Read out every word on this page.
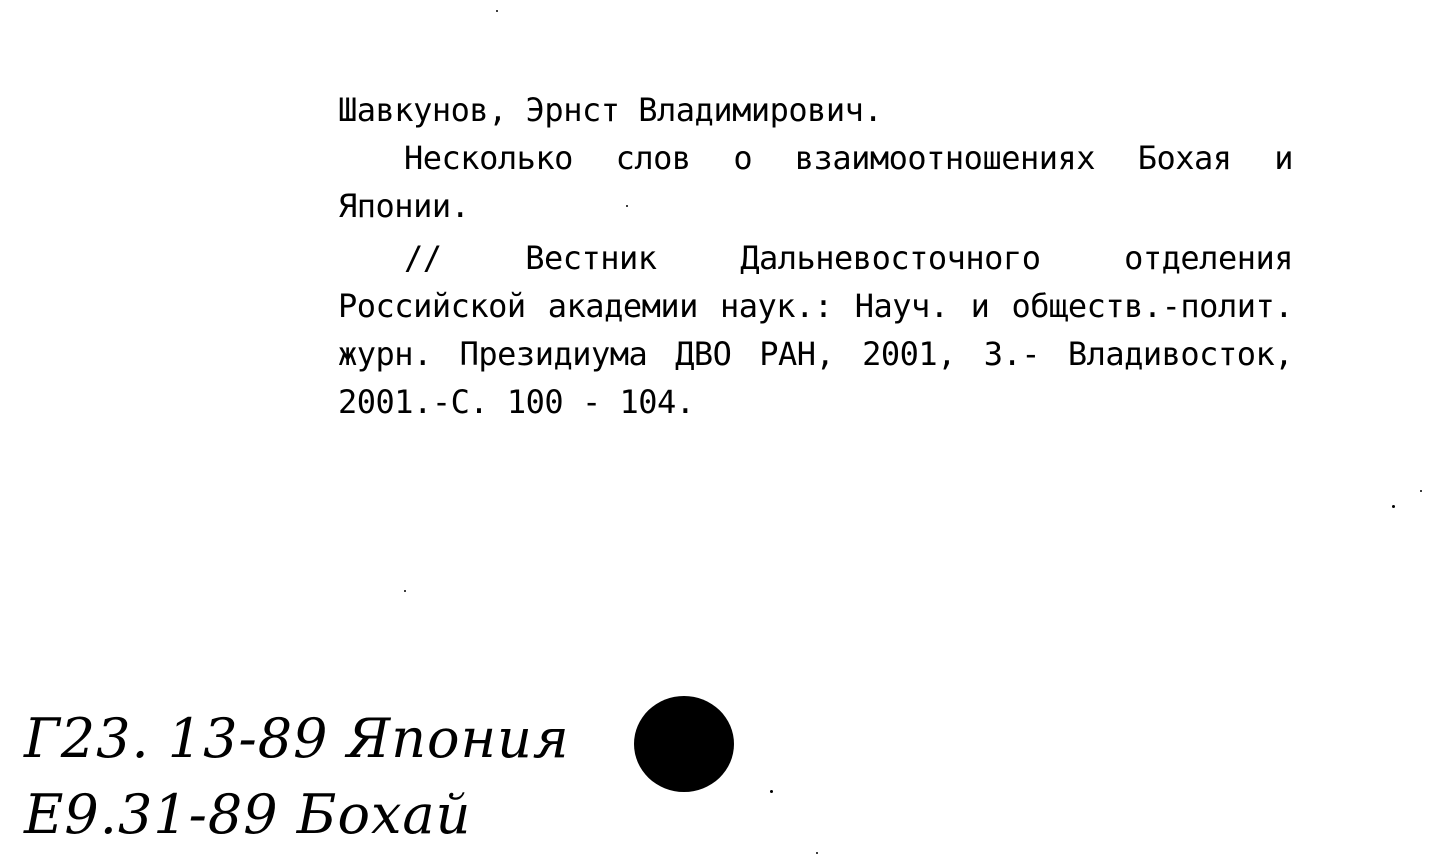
Шавкунов, Эрнст Владимирович.
Несколько слов о взаимоотношениях Бохая и Японии.
// Вестник Дальневосточного отделения Российской академии наук.: Науч. и обществ.-полит. журн. Президиума ДВО РАН, 2001, 3.- Владивосток, 2001.-С. 100 - 104.
Г23. 13-89 Япония
Е9.31-89 Бохай
